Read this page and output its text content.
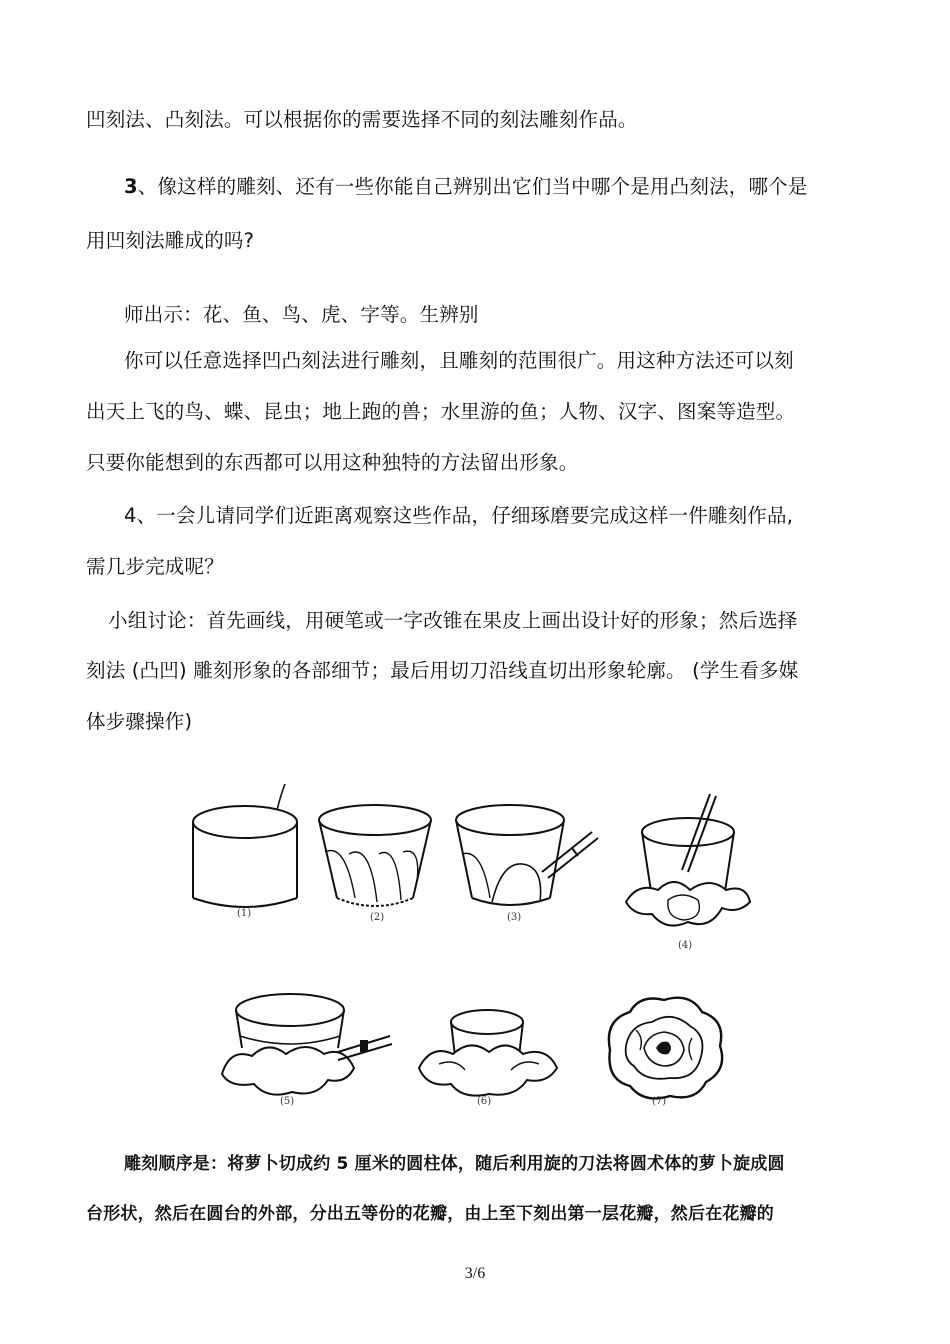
凹刻法、凸刻法。可以根据你的需要选择不同的刻法雕刻作品。
3、像这样的雕刻、还有一些你能自己辨别出它们当中哪个是用凸刻法，哪个是
用凹刻法雕成的吗?
师出示：花、鱼、鸟、虎、字等。生辨别
你可以任意选择凹凸刻法进行雕刻，且雕刻的范围很广。用这种方法还可以刻
出天上飞的鸟、蝶、昆虫；地上跑的兽；水里游的鱼；人物、汉字、图案等造型。
只要你能想到的东西都可以用这种独特的方法留出形象。
4、一会儿请同学们近距离观察这些作品，仔细琢磨要完成这样一件雕刻作品,
需几步完成呢？
小组讨论：首先画线，用硬笔或一字改锥在果皮上画出设计好的形象；然后选择
刻法 (凸凹) 雕刻形象的各部细节；最后用切刀沿线直切出形象轮廓。 (学生看多媒
体步骤操作)
(1)	(2)	(3)
(4)
(5)	(6)	(7)
雕刻顺序是：将萝卜切成约 5 厘米的圆柱体，随后利用旋的刀法将圆术体的萝卜旋成圆
台形状，然后在圆台的外部，分出五等份的花瓣，由上至下刻出第一层花瓣，然后在花瓣的
3/6
